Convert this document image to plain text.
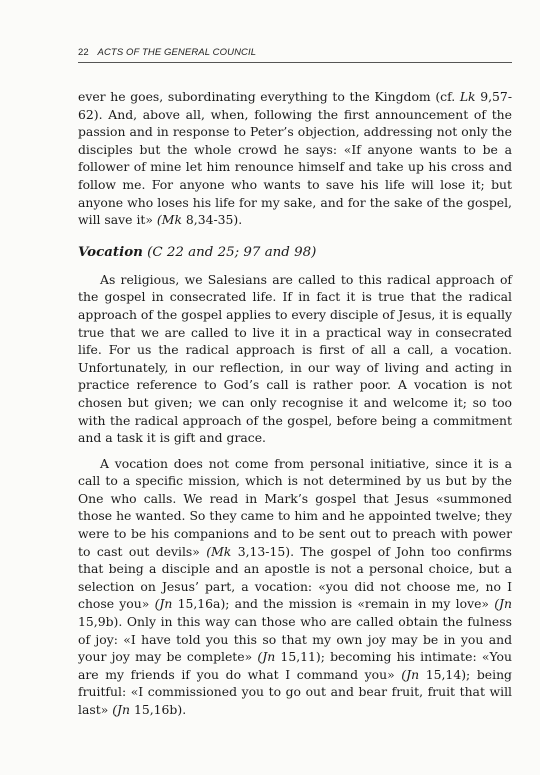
22 ACTS OF THE GENERAL COUNCIL

ever he goes, subordinating everything to the Kingdom (cf. Lk 9,57-62). And, above all, when, following the first announcement of the passion and in response to Peter’s objection, addressing not only the disciples but the whole crowd he says: «If anyone wants to be a follower of mine let him renounce himself and take up his cross and follow me. For anyone who wants to save his life will lose it; but anyone who loses his life for my sake, and for the sake of the gospel, will save it» (Mk 8,34-35).

Vocation (C 22 and 25; 97 and 98)

As religious, we Salesians are called to this radical approach of the gospel in consecrated life. If in fact it is true that the radical approach of the gospel applies to every disciple of Jesus, it is equally true that we are called to live it in a practical way in consecrated life. For us the radical approach is first of all a call, a vocation. Unfortunately, in our reflection, in our way of living and acting in practice reference to God’s call is rather poor. A vocation is not chosen but given; we can only recognise it and welcome it; so too with the radical approach of the gospel, before being a commitment and a task it is gift and grace.

A vocation does not come from personal initiative, since it is a call to a specific mission, which is not determined by us but by the One who calls. We read in Mark’s gospel that Jesus «summoned those he wanted. So they came to him and he appointed twelve; they were to be his companions and to be sent out to preach with power to cast out devils» (Mk 3,13-15). The gospel of John too confirms that being a disciple and an apostle is not a personal choice, but a selection on Jesus’ part, a vocation: «you did not choose me, no I chose you» (Jn 15,16a); and the mission is «remain in my love» (Jn 15,9b). Only in this way can those who are called obtain the fulness of joy: «I have told you this so that my own joy may be in you and your joy may be complete» (Jn 15,11); becoming his intimate: «You are my friends if you do what I command you» (Jn 15,14); being fruitful: «I commissioned you to go out and bear fruit, fruit that will last» (Jn 15,16b).
